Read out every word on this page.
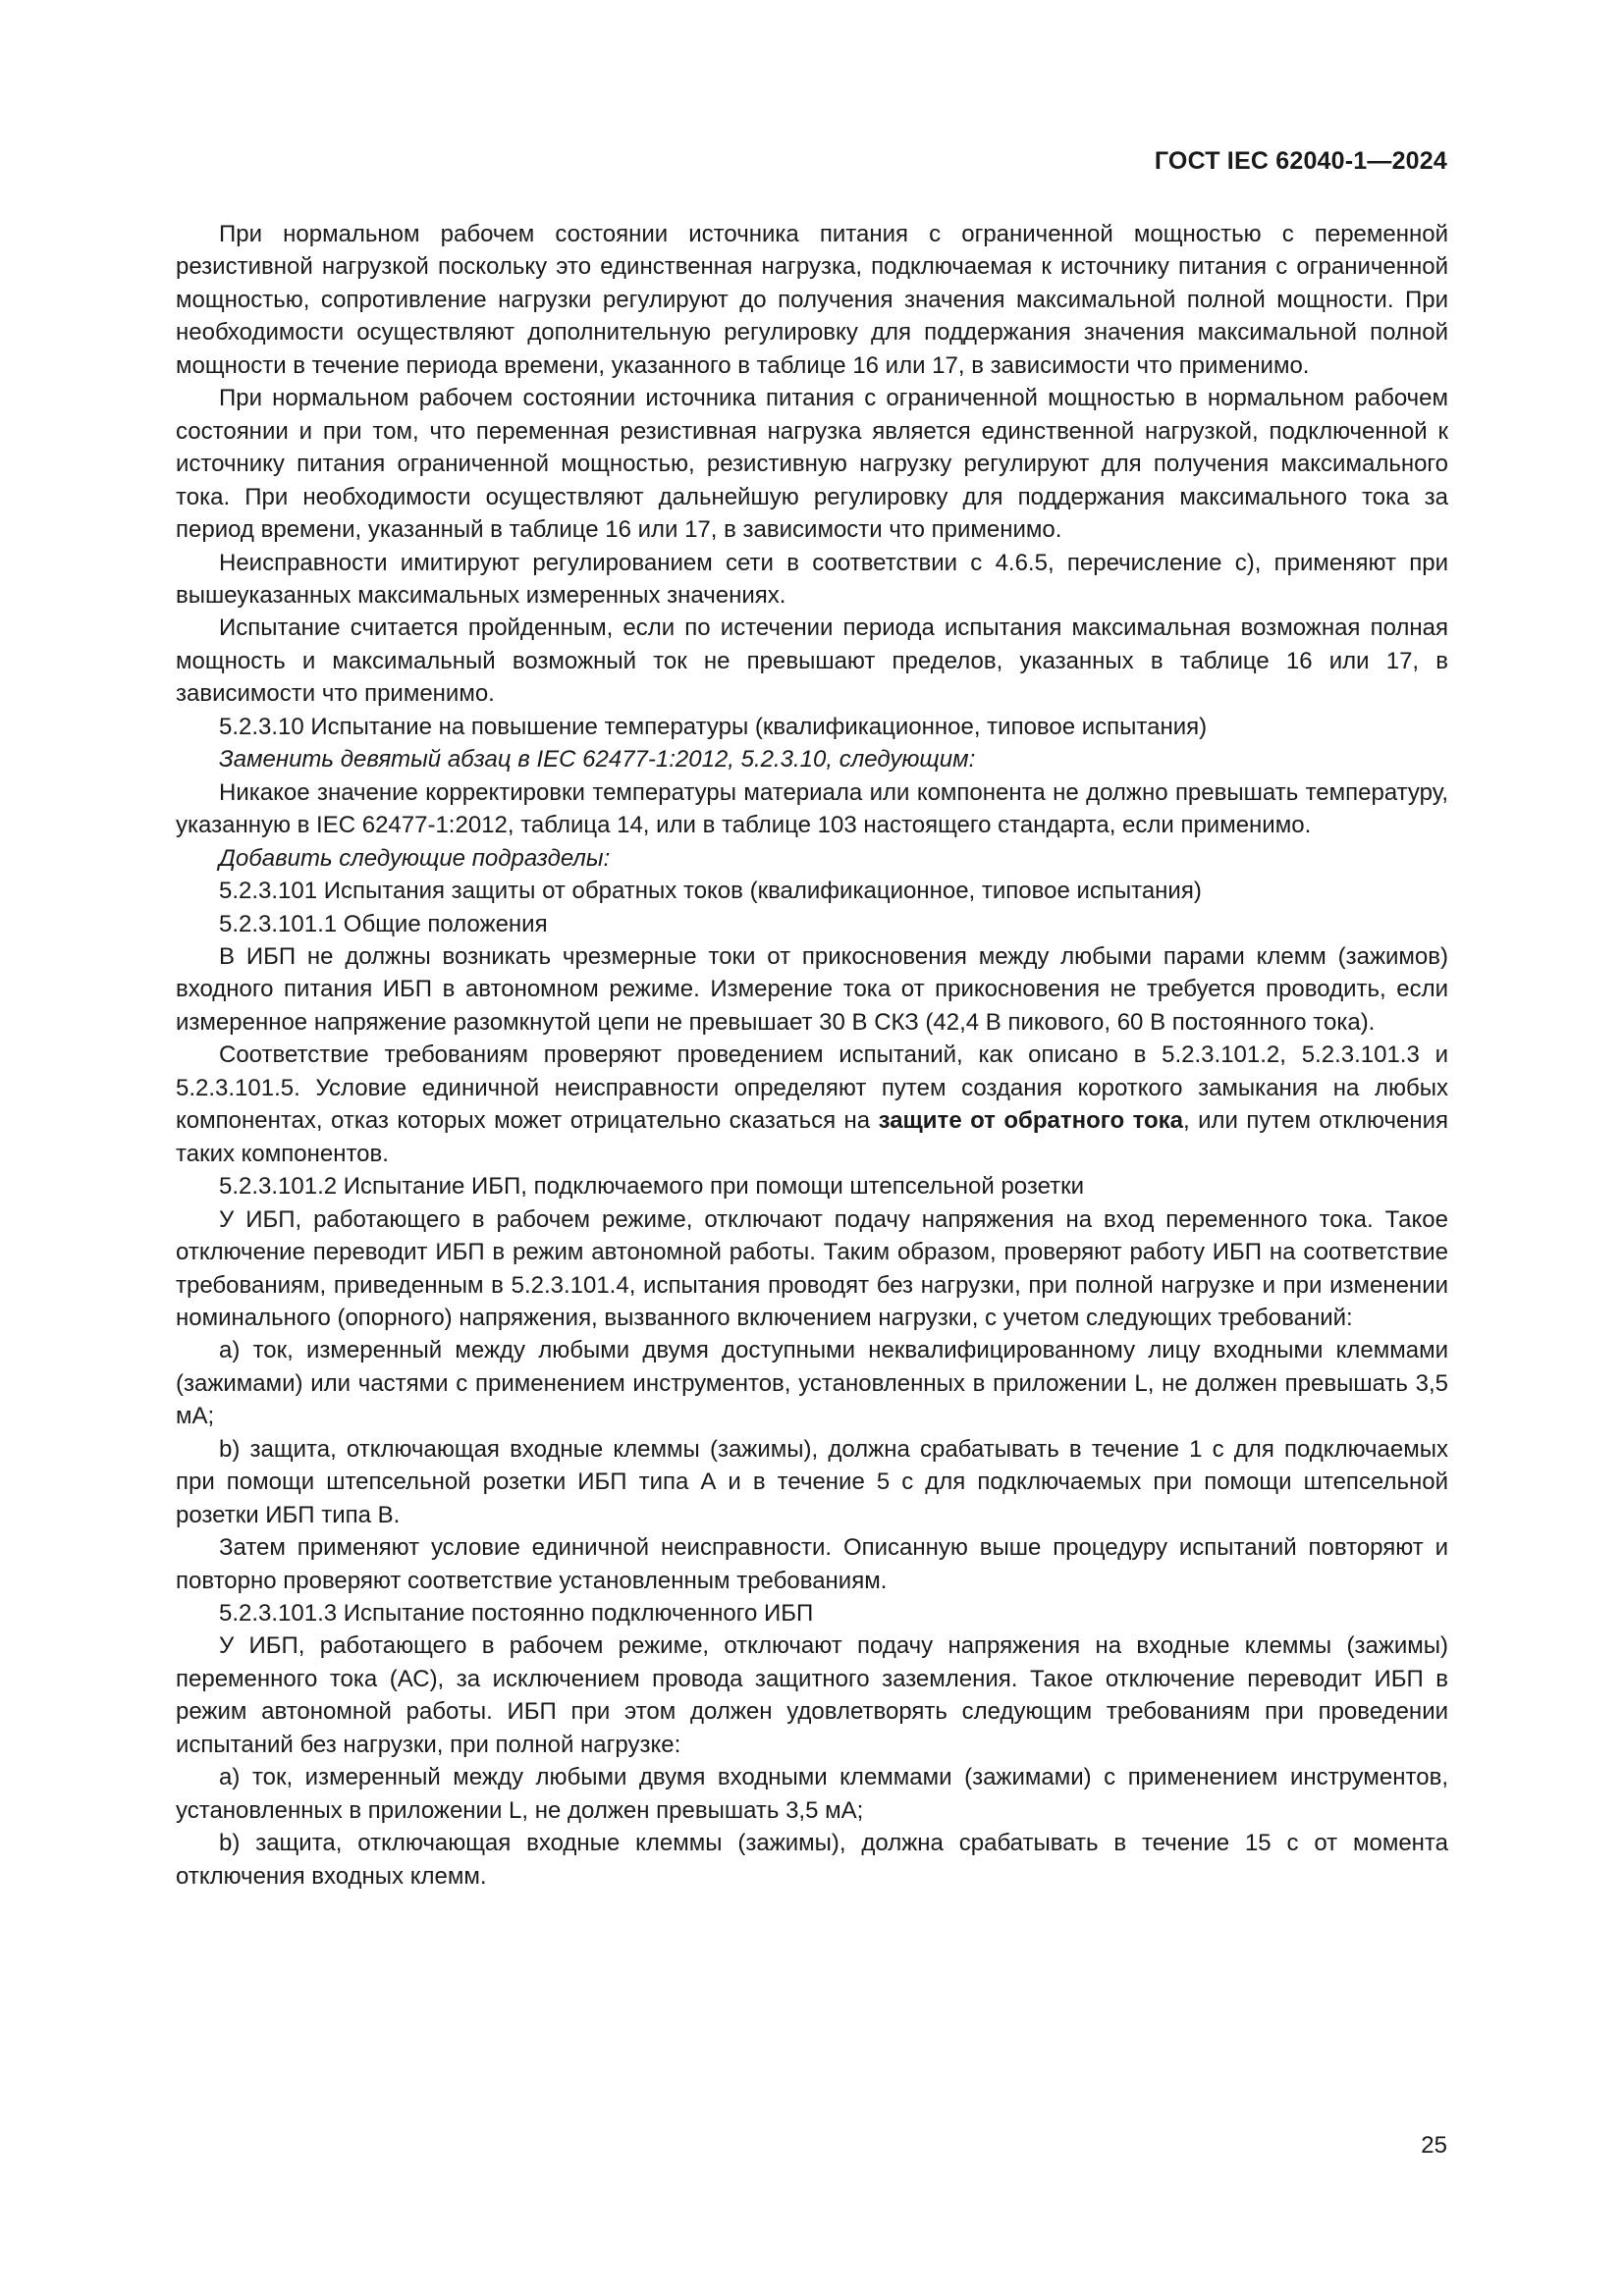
ГОСТ IEC 62040-1—2024

При нормальном рабочем состоянии источника питания с ограниченной мощностью с переменной резистивной нагрузкой поскольку это единственная нагрузка, подключаемая к источнику питания с ограниченной мощностью, сопротивление нагрузки регулируют до получения значения максимальной полной мощности. При необходимости осуществляют дополнительную регулировку для поддержания значения максимальной полной мощности в течение периода времени, указанного в таблице 16 или 17, в зависимости что применимо.

При нормальном рабочем состоянии источника питания с ограниченной мощностью в нормальном рабочем состоянии и при том, что переменная резистивная нагрузка является единственной нагрузкой, подключенной к источнику питания ограниченной мощностью, резистивную нагрузку регулируют для получения максимального тока. При необходимости осуществляют дальнейшую регулировку для поддержания максимального тока за период времени, указанный в таблице 16 или 17, в зависимости что применимо.

Неисправности имитируют регулированием сети в соответствии с 4.6.5, перечисление с), применяют при вышеуказанных максимальных измеренных значениях.

Испытание считается пройденным, если по истечении периода испытания максимальная возможная полная мощность и максимальный возможный ток не превышают пределов, указанных в таблице 16 или 17, в зависимости что применимо.

5.2.3.10 Испытание на повышение температуры (квалификационное, типовое испытания)

Заменить девятый абзац в IEC 62477-1:2012, 5.2.3.10, следующим:

Никакое значение корректировки температуры материала или компонента не должно превышать температуру, указанную в IEC 62477-1:2012, таблица 14, или в таблице 103 настоящего стандарта, если применимо.

Добавить следующие подразделы:

5.2.3.101 Испытания защиты от обратных токов (квалификационное, типовое испытания)

5.2.3.101.1 Общие положения

В ИБП не должны возникать чрезмерные токи от прикосновения между любыми парами клемм (зажимов) входного питания ИБП в автономном режиме. Измерение тока от прикосновения не требуется проводить, если измеренное напряжение разомкнутой цепи не превышает 30 В СКЗ (42,4 В пикового, 60 В постоянного тока).

Соответствие требованиям проверяют проведением испытаний, как описано в 5.2.3.101.2, 5.2.3.101.3 и 5.2.3.101.5. Условие единичной неисправности определяют путем создания короткого замыкания на любых компонентах, отказ которых может отрицательно сказаться на защите от обратного тока, или путем отключения таких компонентов.

5.2.3.101.2 Испытание ИБП, подключаемого при помощи штепсельной розетки

У ИБП, работающего в рабочем режиме, отключают подачу напряжения на вход переменного тока. Такое отключение переводит ИБП в режим автономной работы. Таким образом, проверяют работу ИБП на соответствие требованиям, приведенным в 5.2.3.101.4, испытания проводят без нагрузки, при полной нагрузке и при изменении номинального (опорного) напряжения, вызванного включением нагрузки, с учетом следующих требований:

a) ток, измеренный между любыми двумя доступными неквалифицированному лицу входными клеммами (зажимами) или частями с применением инструментов, установленных в приложении L, не должен превышать 3,5 мА;

b) защита, отключающая входные клеммы (зажимы), должна срабатывать в течение 1 с для подключаемых при помощи штепсельной розетки ИБП типа А и в течение 5 с для подключаемых при помощи штепсельной розетки ИБП типа В.

Затем применяют условие единичной неисправности. Описанную выше процедуру испытаний повторяют и повторно проверяют соответствие установленным требованиям.

5.2.3.101.3 Испытание постоянно подключенного ИБП

У ИБП, работающего в рабочем режиме, отключают подачу напряжения на входные клеммы (зажимы) переменного тока (АС), за исключением провода защитного заземления. Такое отключение переводит ИБП в режим автономной работы. ИБП при этом должен удовлетворять следующим требованиям при проведении испытаний без нагрузки, при полной нагрузке:

a) ток, измеренный между любыми двумя входными клеммами (зажимами) с применением инструментов, установленных в приложении L, не должен превышать 3,5 мА;

b) защита, отключающая входные клеммы (зажимы), должна срабатывать в течение 15 с от момента отключения входных клемм.

25
